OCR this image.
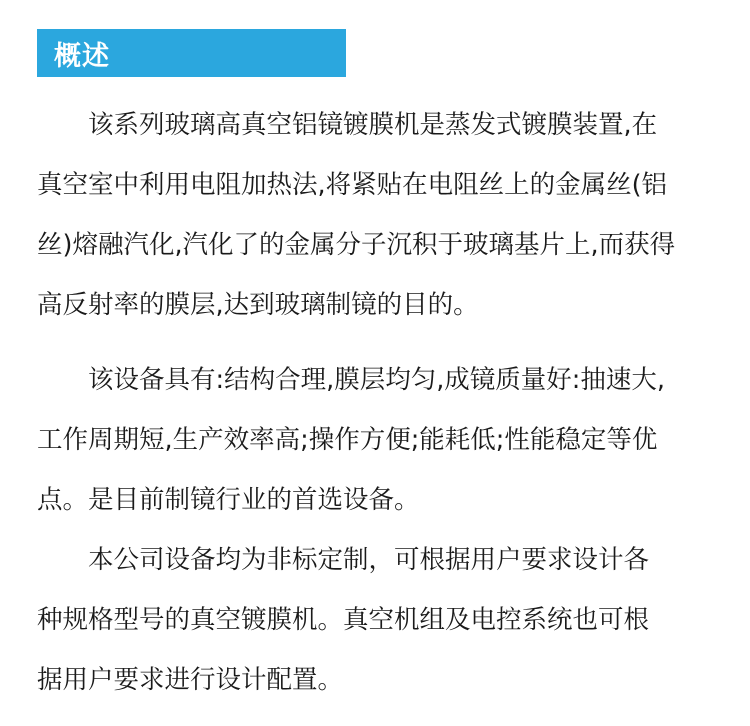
概述
该系列玻璃高真空铝镜镀膜机是蒸发式镀膜装置,在
真空室中利用电阻加热法,将紧贴在电阻丝上的金属丝(铝
丝)熔融汽化,汽化了的金属分子沉积于玻璃基片上,而获得
高反射率的膜层,达到玻璃制镜的目的。
该设备具有:结构合理,膜层均匀,成镜质量好:抽速大,
工作周期短,生产效率高;操作方便;能耗低;性能稳定等优
点。是目前制镜行业的首选设备。
本公司设备均为非标定制，可根据用户要求设计各
种规格型号的真空镀膜机。真空机组及电控系统也可根
据用户要求进行设计配置。
